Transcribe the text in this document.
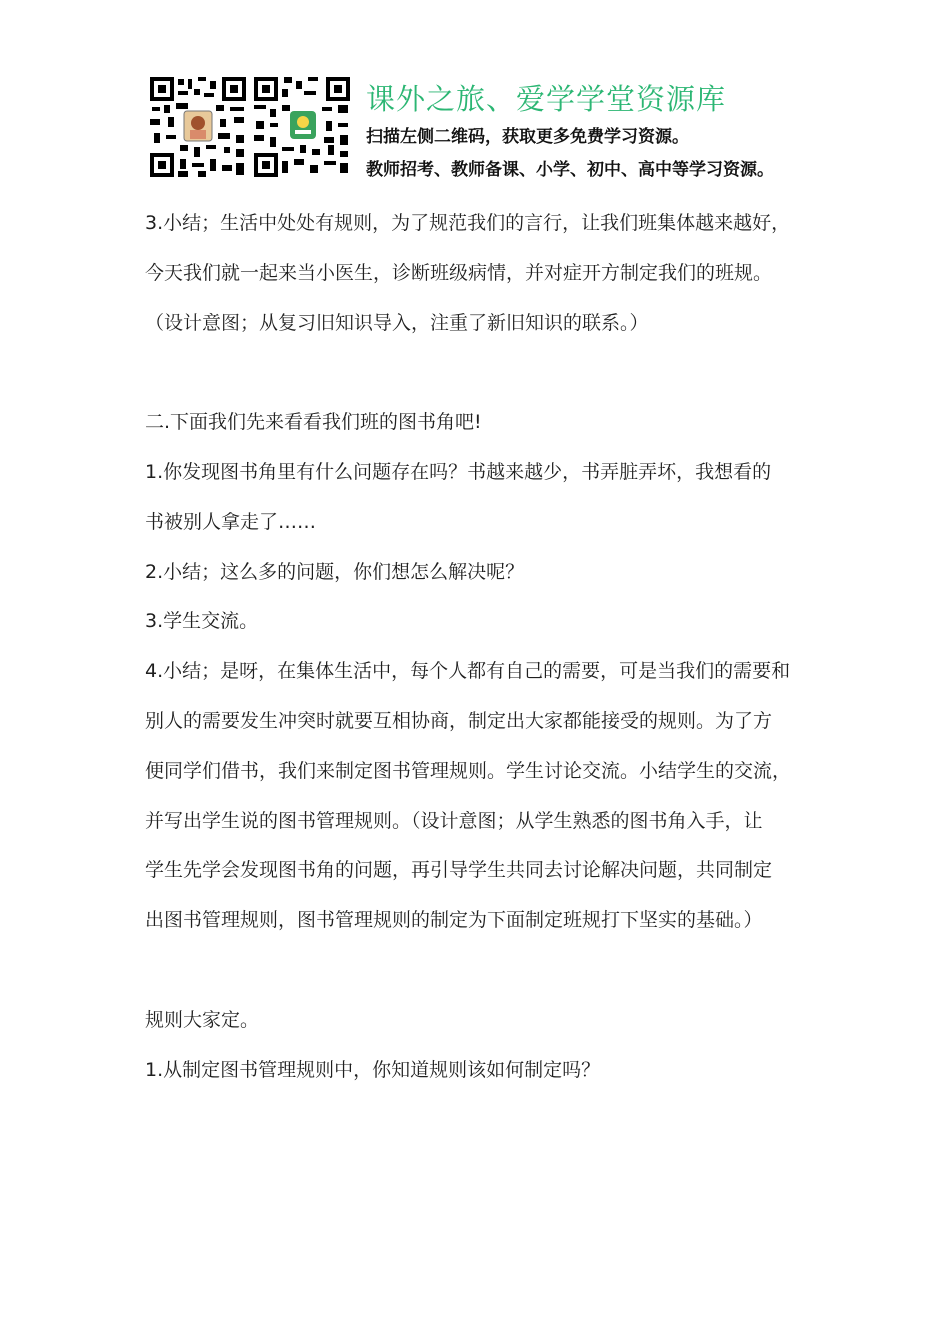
课外之旅、爱学学堂资源库
扫描左侧二维码，获取更多免费学习资源。
教师招考、教师备课、小学、初中、高中等学习资源。
3.小结；生活中处处有规则，为了规范我们的言行，让我们班集体越来越好，
今天我们就一起来当小医生，诊断班级病情，并对症开方制定我们的班规。
（设计意图；从复习旧知识导入，注重了新旧知识的联系。）
二.下面我们先来看看我们班的图书角吧!
1.你发现图书角里有什么问题存在吗？书越来越少，书弄脏弄坏，我想看的
书被别人拿走了……
2.小结；这么多的问题，你们想怎么解决呢？
3.学生交流。
4.小结；是呀，在集体生活中，每个人都有自己的需要，可是当我们的需要和
别人的需要发生冲突时就要互相协商，制定出大家都能接受的规则。为了方
便同学们借书，我们来制定图书管理规则。学生讨论交流。小结学生的交流，
并写出学生说的图书管理规则。（设计意图；从学生熟悉的图书角入手，让
学生先学会发现图书角的问题，再引导学生共同去讨论解决问题，共同制定
出图书管理规则，图书管理规则的制定为下面制定班规打下坚实的基础。）
规则大家定。
1.从制定图书管理规则中，你知道规则该如何制定吗？
